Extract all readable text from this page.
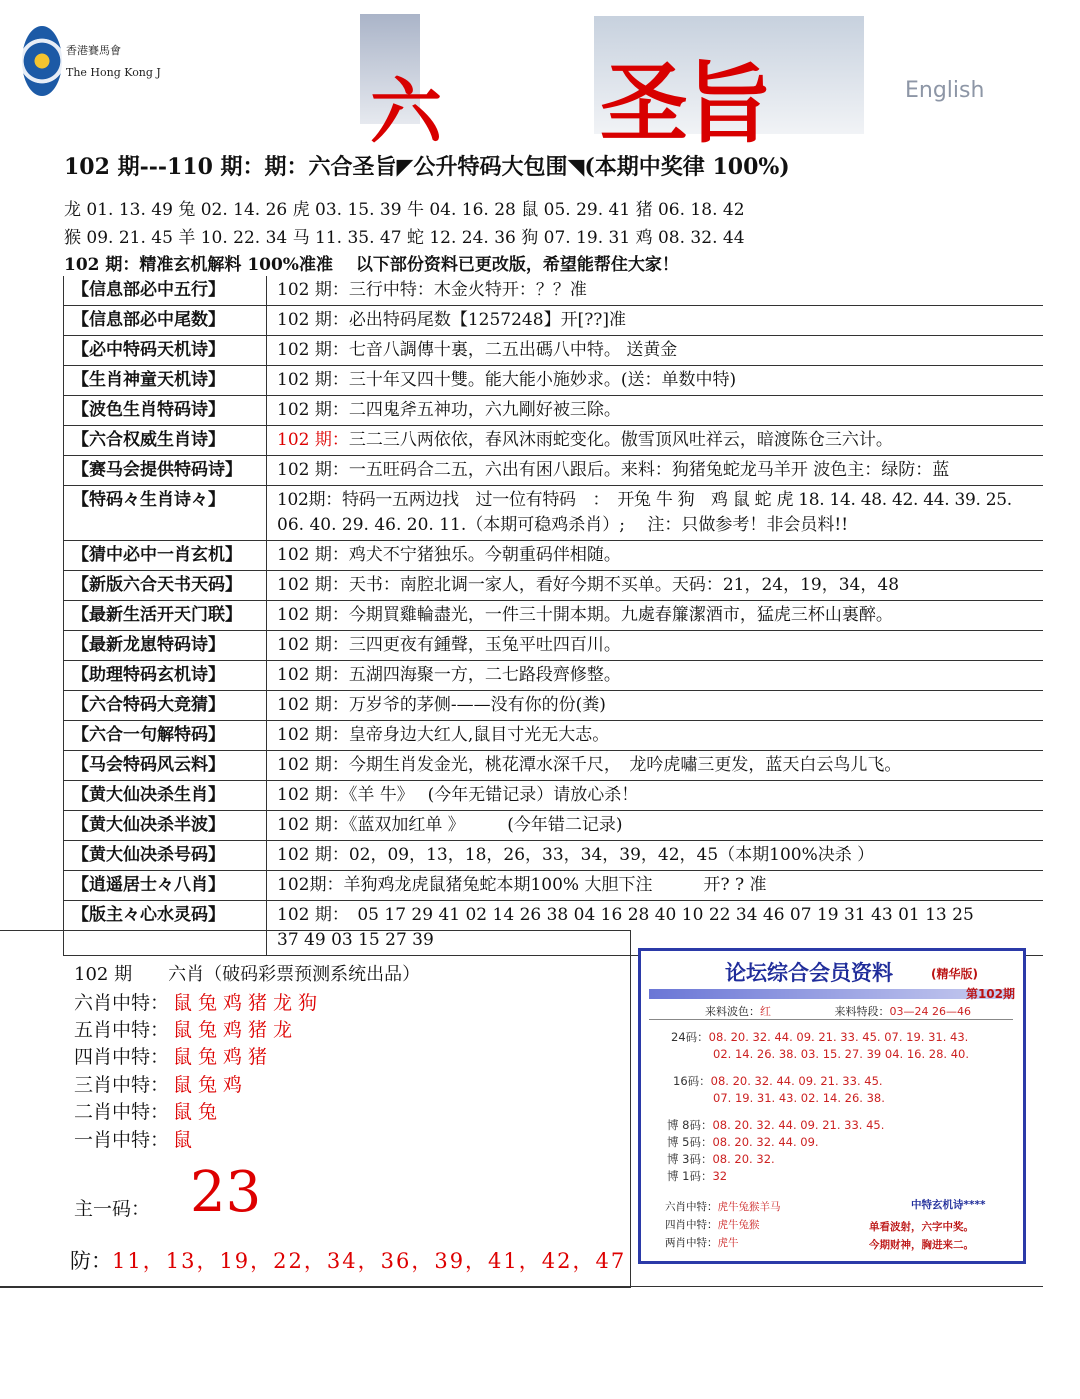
香港賽馬會
The Hong Kong J	六 圣旨	English
102 期---110 期：期：六合圣旨◤公升特码大包围◥(本期中奖律 100%)
龙 01. 13. 49 兔 02. 14. 26 虎 03. 15. 39 牛 04. 16. 28 鼠 05. 29. 41 猪 06. 18. 42
猴 09. 21. 45 羊 10. 22. 34 马 11. 35. 47 蛇 12. 24. 36 狗 07. 19. 31 鸡 08. 32. 44
102 期：精准玄机解料 100%准准　 以下部份资料已更改版，希望能帮住大家！
【信息部必中五行】	102 期：三行中特：木金火特开：？？准
【信息部必中尾数】	102 期：必出特码尾数【1257248】开[??]准
【必中特码天机诗】	102 期：七音八調傳十裏，二五出碼八中特。 送黄金
【生肖神童天机诗】	102 期：三十年又四十雙。能大能小施妙求。(送：单数中特)
【波色生肖特码诗】	102 期：二四鬼斧五神功，六九剛好被三除。
【六合权威生肖诗】	102 期：三二三八两依依，春风沐雨蛇变化。傲雪顶风吐祥云，暗渡陈仓三六计。
【赛马会提供特码诗】	102 期：一五旺码合二五，六出有困八跟后。来料：狗猪兔蛇龙马羊开 波色主：绿防：蓝
【特码々生肖诗々】	102期：特码一五两边找　过一位有特码　：　开兔 牛 狗　鸡 鼠 蛇 虎 18. 14. 48. 42. 44. 39. 25.
06. 40. 29. 46. 20. 11.（本期可稳鸡杀肖）;　 注：只做参考！非会员料!!

【猜中必中一肖玄机】	102 期：鸡犬不宁猪独乐。今朝重码伴相随。
【新版六合天书天码】	102 期：天书：南腔北调一家人，看好今期不买单。天码：21，24，19，34，48
【最新生活开天门联】	102 期：今期買雞輪盡光，一件三十開本期。九處春簾潔酒市，猛虎三杯山裏醉。
【最新龙崽特码诗】	102 期：三四更夜有鍾聲，玉兔平吐四百川。
【助理特码玄机诗】	102 期：五湖四海聚一方，二七路段齊修整。
【六合特码大竞猜】	102 期：万岁爷的茅侧-——没有你的份(粪)
【六合一句解特码】	102 期：皇帝身边大红人,鼠目寸光无大志。
【马会特码风云料】	102 期：今期生肖发金光，桃花潭水深千尺，　龙吟虎嘯三更发，蓝天白云鸟儿飞。
【黄大仙决杀生肖】	102 期：《羊 牛》　 (今年无错记录）请放心杀！
【黄大仙决杀半波】	102 期：《蓝双加红单 》　　　(今年错二记录)
【黄大仙决杀号码】	102 期：02，09，13，18，26，33，34，39，42，45（本期100%决杀 ）
【逍遥居士々八肖】	102期：羊狗鸡龙虎鼠猪兔蛇本期100% 大胆下注　　　开? ? 准
【版主々心水灵码】	102 期：　05 17 29 41 02 14 26 38 04 16 28 40 10 22 34 46 07 19 31 43 01 13 25
37 49 03 15 27 39
102 期　　六肖（破码彩票预测系统出品）
六肖中特： 鼠兔鸡猪龙狗
五肖中特： 鼠兔鸡猪龙
四肖中特： 鼠兔鸡猪
三肖中特： 鼠兔鸡
二肖中特： 鼠兔
一肖中特： 鼠
主一码： 23
防：11，13，19，22，34，36，39，41，42，47
论坛综合会员资料	(精华版)
第102期
来料波色：红	来料特段：03—24 26—46
24码：08. 20. 32. 44. 09. 21. 33. 45. 07. 19. 31. 43.
02. 14. 26. 38. 03. 15. 27. 39 04. 16. 28. 40.
16码：08. 20. 32. 44. 09. 21. 33. 45.
07. 19. 31. 43. 02. 14. 26. 38.
博 8码：08. 20. 32. 44. 09. 21. 33. 45.
博 5码：08. 20. 32. 44. 09.
博 3码：08. 20. 32.
博 1码：32
六肖中特：虎牛兔猴羊马
四肖中特：虎牛兔猴
两肖中特：虎牛
中特玄机诗****
单看波射，六字中奖。
今期财神，胸进来二。
